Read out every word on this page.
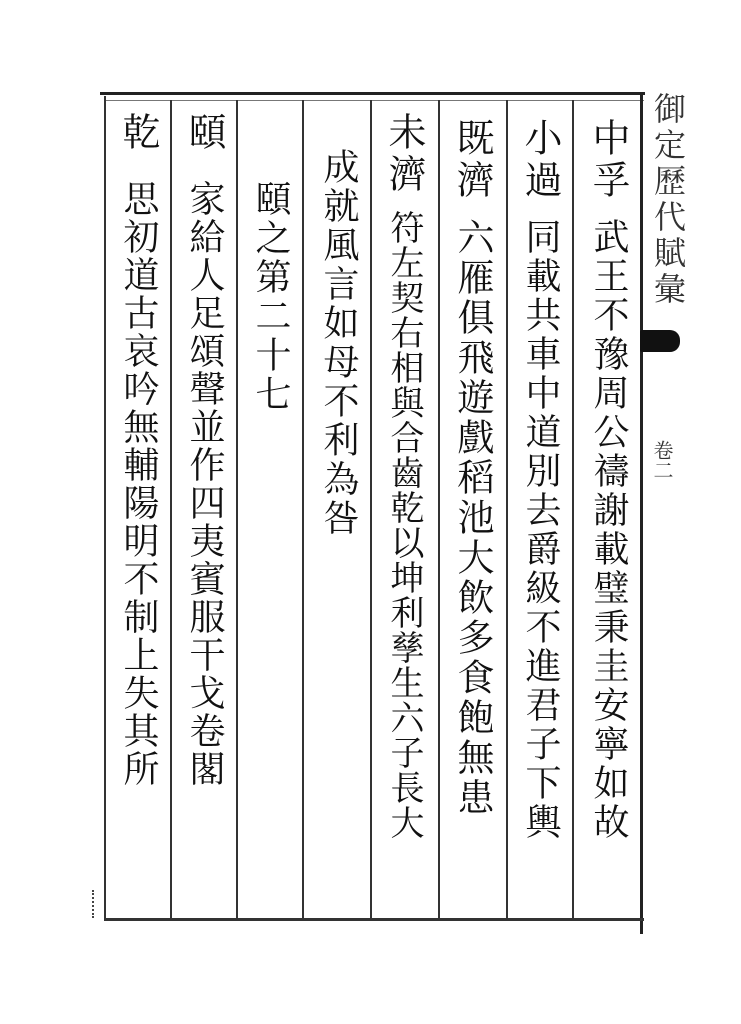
御定歷代賦彙
卷二
中孚
武王不豫周公禱謝載璧秉圭安寧如故
小過
同載共車中道別去爵級不進君子下輿
既濟
六雁俱飛遊戲稻池大飲多食飽無患
未濟
符左契右相與合齒乾以坤利孳生六子長大
成就風言如母不利為咎
頤之第二十七
頤
家給人足頌聲並作四夷賓服干戈卷閣
乾
思初道古哀吟無輔陽明不制上失其所
